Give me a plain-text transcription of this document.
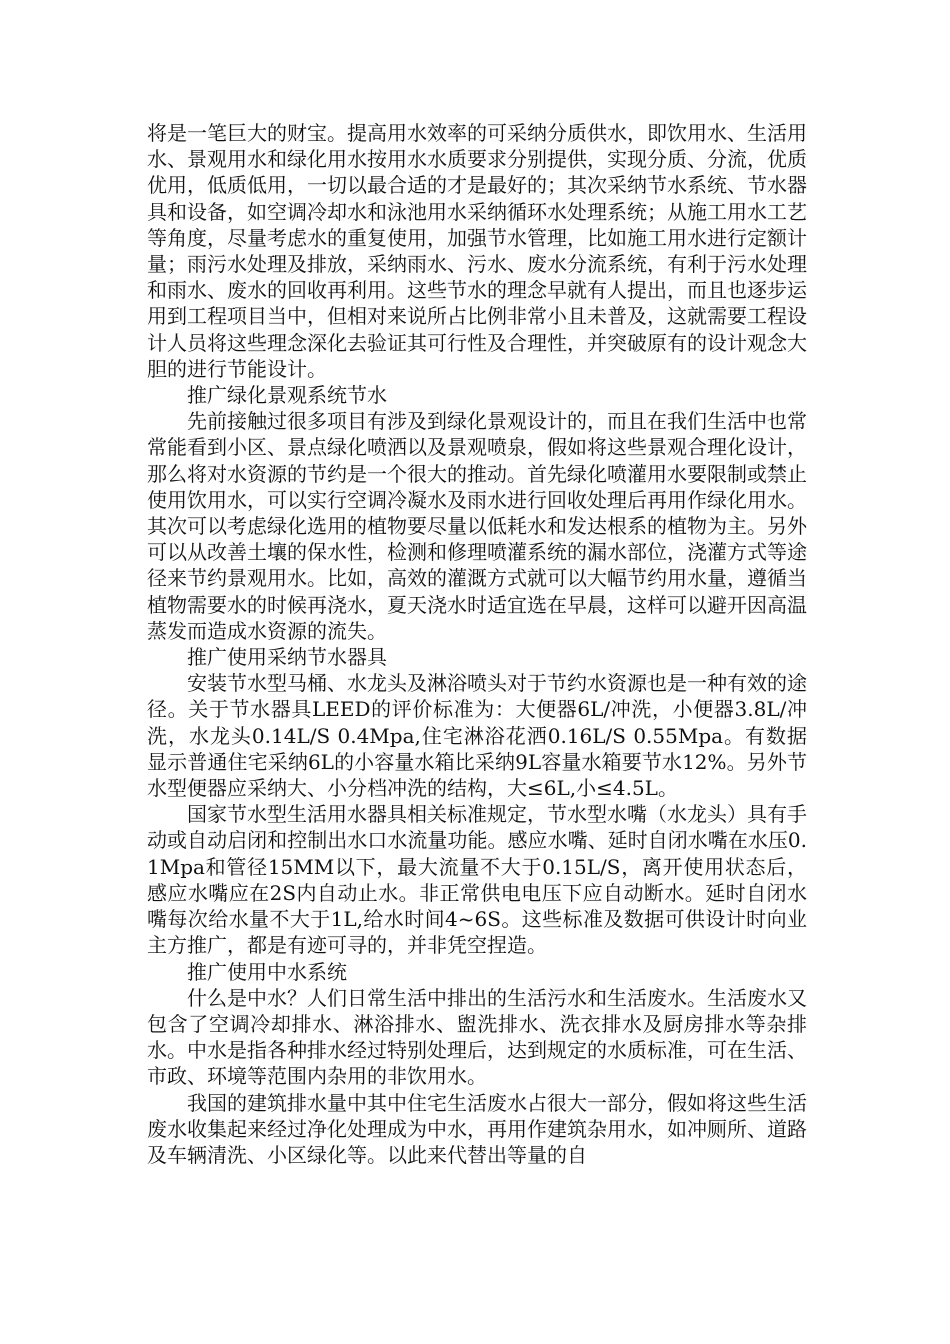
将是一笔巨大的财宝。提高用水效率的可采纳分质供水，即饮用水、生活用水、景观用水和绿化用水按用水水质要求分别提供，实现分质、分流，优质优用，低质低用，一切以最合适的才是最好的；其次采纳节水系统、节水器具和设备，如空调冷却水和泳池用水采纳循环水处理系统；从施工用水工艺等角度，尽量考虑水的重复使用，加强节水管理，比如施工用水进行定额计量；雨污水处理及排放，采纳雨水、污水、废水分流系统，有利于污水处理和雨水、废水的回收再利用。这些节水的理念早就有人提出，而且也逐步运用到工程项目当中，但相对来说所占比例非常小且未普及，这就需要工程设计人员将这些理念深化去验证其可行性及合理性，并突破原有的设计观念大胆的进行节能设计。

推广绿化景观系统节水

先前接触过很多项目有涉及到绿化景观设计的，而且在我们生活中也常常能看到小区、景点绿化喷洒以及景观喷泉，假如将这些景观合理化设计，那么将对水资源的节约是一个很大的推动。首先绿化喷灌用水要限制或禁止使用饮用水，可以实行空调冷凝水及雨水进行回收处理后再用作绿化用水。其次可以考虑绿化选用的植物要尽量以低耗水和发达根系的植物为主。另外可以从改善土壤的保水性，检测和修理喷灌系统的漏水部位，浇灌方式等途径来节约景观用水。比如，高效的灌溉方式就可以大幅节约用水量，遵循当植物需要水的时候再浇水，夏天浇水时适宜选在早晨，这样可以避开因高温蒸发而造成水资源的流失。

推广使用采纳节水器具

安装节水型马桶、水龙头及淋浴喷头对于节约水资源也是一种有效的途径。关于节水器具LEED的评价标准为：大便器6L/冲洗，小便器3.8L/冲洗，水龙头0.14L/S 0.4Mpa,住宅淋浴花洒0.16L/S 0.55Mpa。有数据显示普通住宅采纳6L的小容量水箱比采纳9L容量水箱要节水12%。另外节水型便器应采纳大、小分档冲洗的结构，大≤6L,小≤4.5L。

国家节水型生活用水器具相关标准规定，节水型水嘴（水龙头）具有手动或自动启闭和控制出水口水流量功能。感应水嘴、延时自闭水嘴在水压0.1Mpa和管径15MM以下，最大流量不大于0.15L/S，离开使用状态后，感应水嘴应在2S内自动止水。非正常供电电压下应自动断水。延时自闭水嘴每次给水量不大于1L,给水时间4~6S。这些标准及数据可供设计时向业主方推广，都是有迹可寻的，并非凭空捏造。

推广使用中水系统

什么是中水？人们日常生活中排出的生活污水和生活废水。生活废水又包含了空调冷却排水、淋浴排水、盥洗排水、洗衣排水及厨房排水等杂排水。中水是指各种排水经过特别处理后，达到规定的水质标准，可在生活、市政、环境等范围内杂用的非饮用水。

我国的建筑排水量中其中住宅生活废水占很大一部分，假如将这些生活废水收集起来经过净化处理成为中水，再用作建筑杂用水，如冲厕所、道路及车辆清洗、小区绿化等。以此来代替出等量的自
